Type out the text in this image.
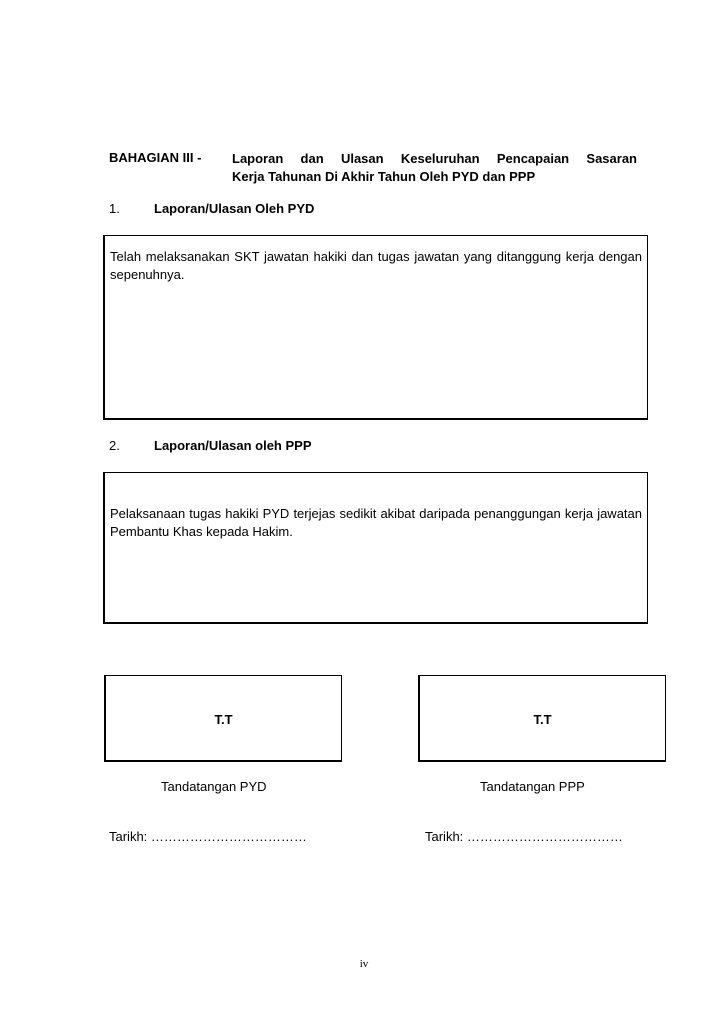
BAHAGIAN III - Laporan dan Ulasan Keseluruhan Pencapaian Sasaran
Kerja Tahunan Di Akhir Tahun Oleh PYD dan PPP
1.	Laporan/Ulasan Oleh PYD
Telah melaksanakan SKT jawatan hakiki dan tugas jawatan yang ditanggung kerja dengan sepenuhnya.
2.	Laporan/Ulasan oleh PPP
Pelaksanaan tugas hakiki PYD terjejas sedikit akibat daripada penanggungan kerja jawatan Pembantu Khas kepada Hakim.
T.T	T.T
Tandatangan PYD	Tandatangan PPP
Tarikh: ………………………………	Tarikh: ………………………………
iv
